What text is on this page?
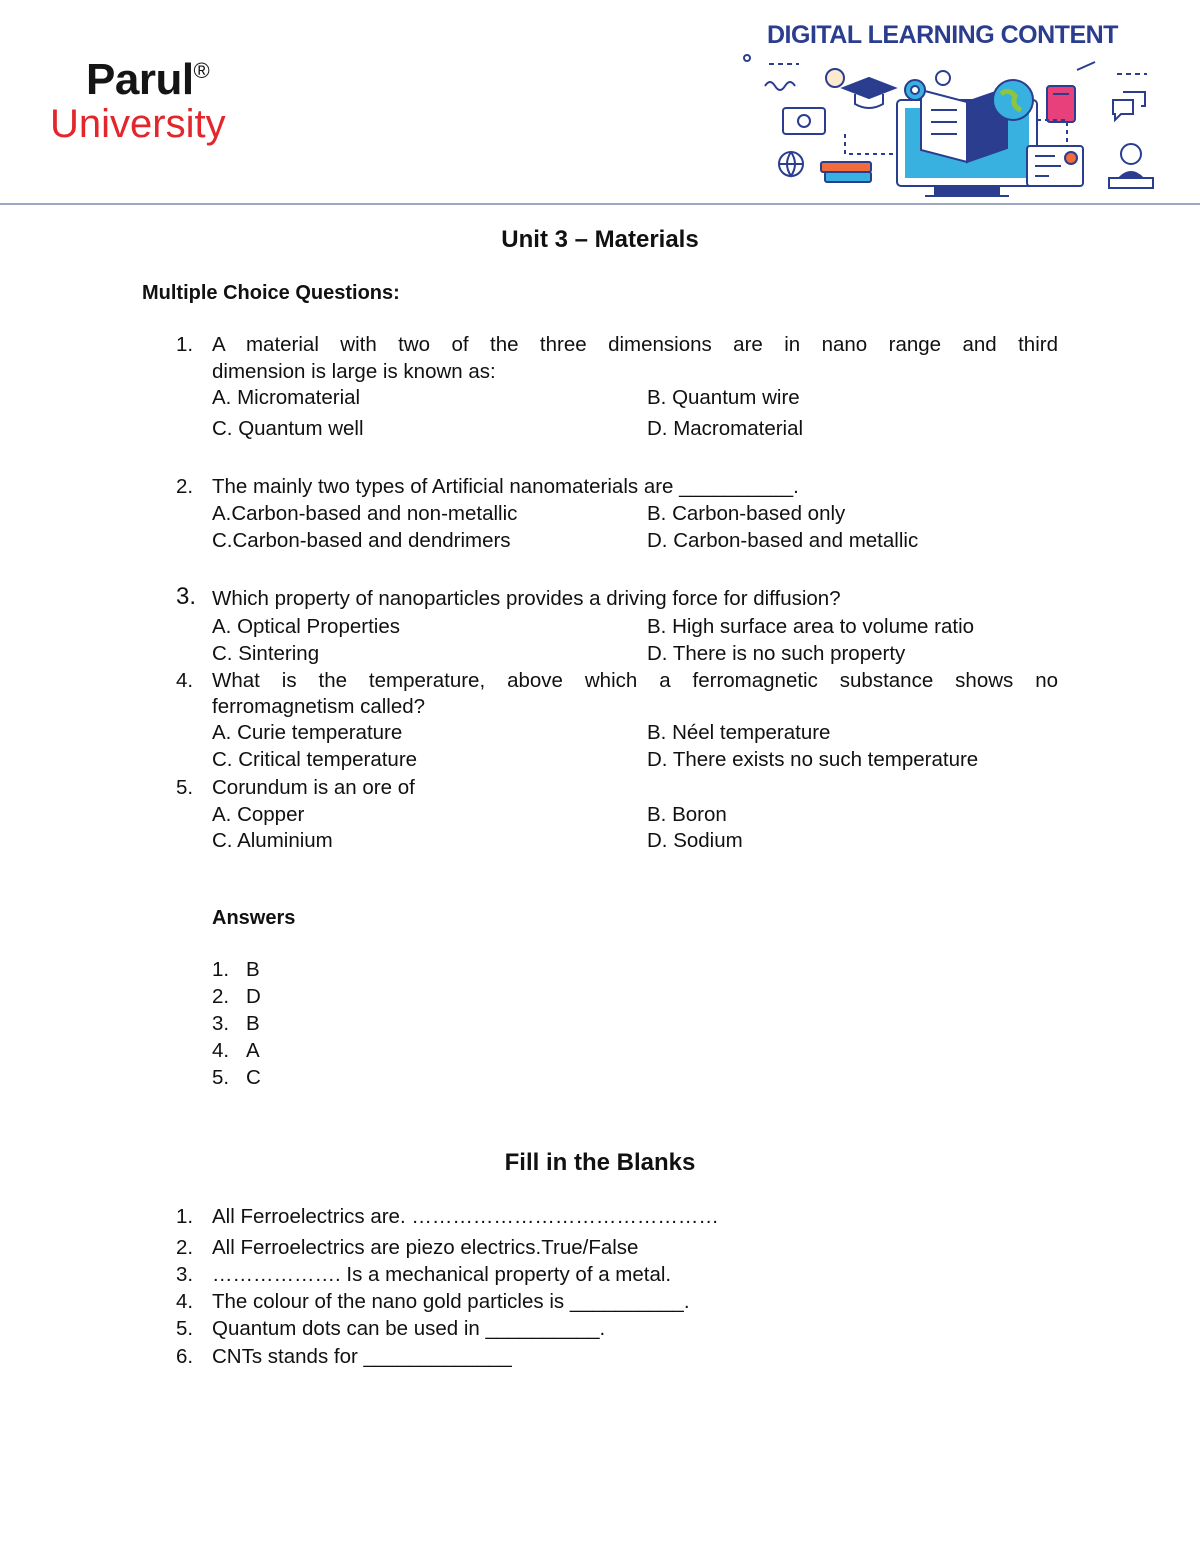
Parul®
University
DIGITAL LEARNING CONTENT
Unit 3 – Materials
Multiple Choice Questions:
1. A material with two of the three dimensions are in nano range and third
dimension is large is known as:
A. Micromaterial	B. Quantum wire
C. Quantum well	D. Macromaterial
2. The mainly two types of Artificial nanomaterials are __________.
A.Carbon-based and non-metallic	B. Carbon-based only
C.Carbon-based and dendrimers	D. Carbon-based and metallic
3. Which property of nanoparticles provides a driving force for diffusion?
A. Optical Properties	B. High surface area to volume ratio
C. Sintering	D. There is no such property
4. What is the temperature, above which a ferromagnetic substance shows no
ferromagnetism called?
A. Curie temperature	B. Néel temperature
C. Critical temperature	D. There exists no such temperature
5. Corundum is an ore of
A. Copper	B. Boron
C. Aluminium	D. Sodium
Answers
1. B
2. D
3. B
4. A
5. C
Fill in the Blanks
1. All Ferroelectrics are. ………………………………………
2. All Ferroelectrics are piezo electrics.True/False
3. ………………. Is a mechanical property of a metal.
4. The colour of the nano gold particles is __________.
5. Quantum dots can be used in __________.
6. CNTs stands for _____________
